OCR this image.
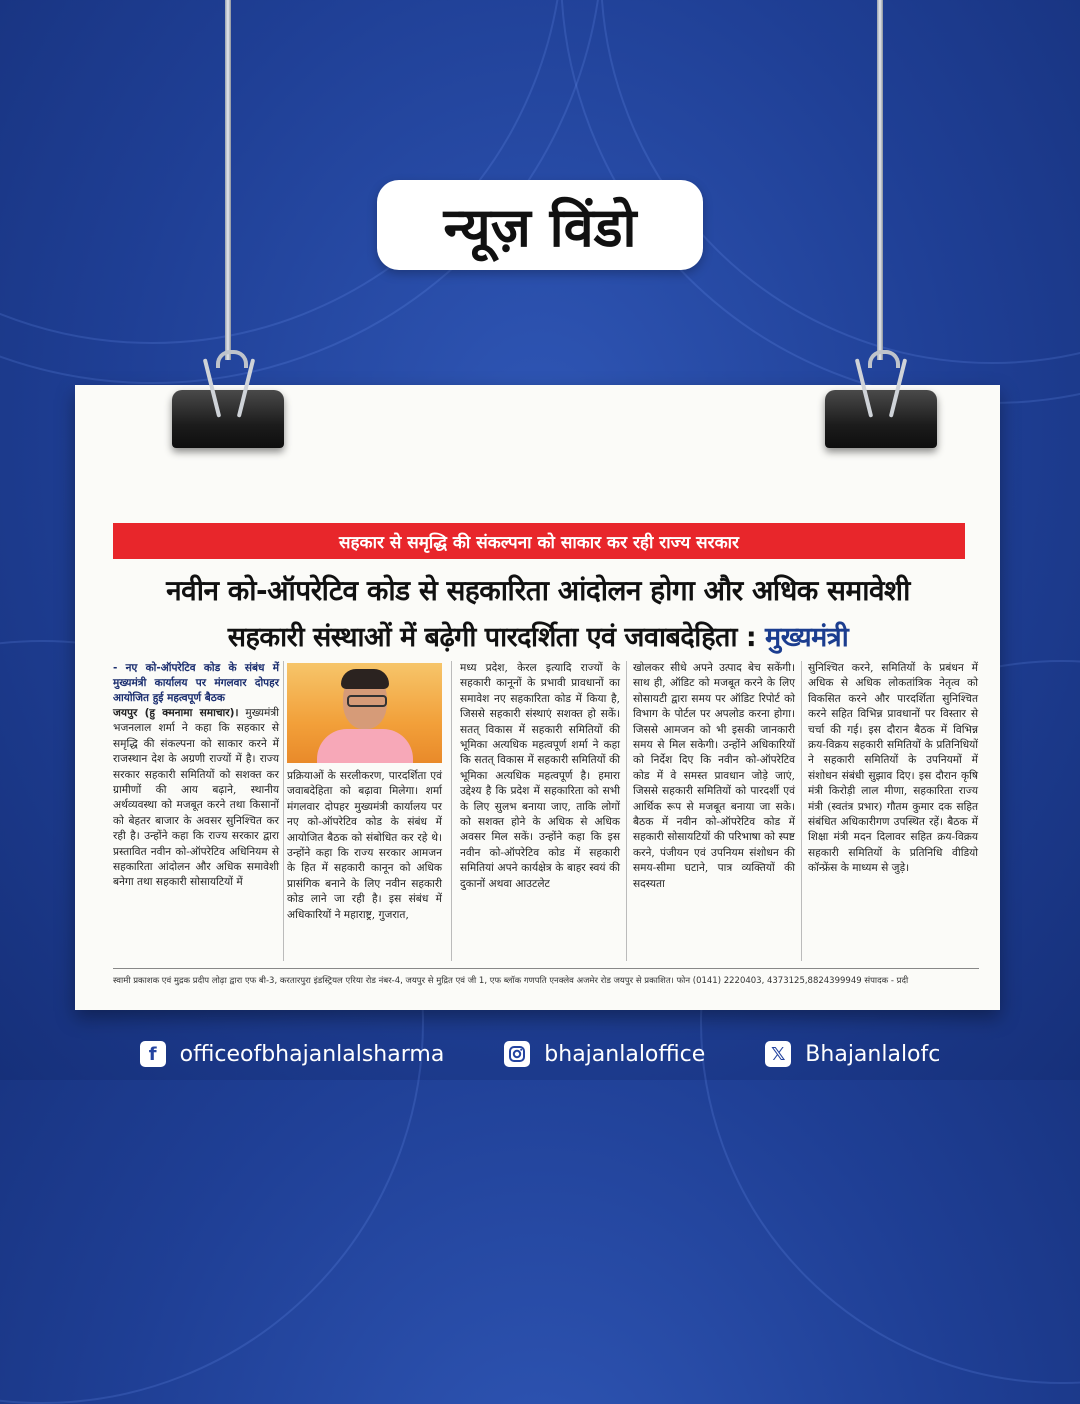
न्यूज़ विंडो
सहकार से समृद्धि की संकल्पना को साकार कर रही राज्य सरकार
नवीन को-ऑपरेटिव कोड से सहकारिता आंदोलन होगा और अधिक समावेशी
सहकारी संस्थाओं में बढ़ेगी पारदर्शिता एवं जवाबदेहिता : मुख्यमंत्री

- नए को-ऑपरेटिव कोड के संबंध में मुख्यमंत्री कार्यालय पर मंगलवार दोपहर आयोजित हुई महत्वपूर्ण बैठक

जयपुर (हु क्मनामा समाचार)। मुख्यमंत्री भजनलाल शर्मा ने कहा कि सहकार से समृद्धि की संकल्पना को साकार करने में राजस्थान देश के अग्रणी राज्यों में है। राज्य सरकार सहकारी समितियों को सशक्त कर ग्रामीणों की आय बढ़ाने, स्थानीय अर्थव्यवस्था को मजबूत करने तथा किसानों को बेहतर बाजार के अवसर सुनिश्चित कर रही है। उन्होंने कहा कि राज्य सरकार द्वारा प्रस्तावित नवीन को-ऑपरेटिव अधिनियम से सहकारिता आंदोलन और अधिक समावेशी बनेगा तथा सहकारी सोसायटियों में

प्रक्रियाओं के सरलीकरण, पारदर्शिता एवं जवाबदेहिता को बढ़ावा मिलेगा। शर्मा मंगलवार दोपहर मुख्यमंत्री कार्यालय पर नए को-ऑपरेटिव कोड के संबंध में आयोजित बैठक को संबोधित कर रहे थे। उन्होंने कहा कि राज्य सरकार आमजन के हित में सहकारी कानून को अधिक प्रासंगिक बनाने के लिए नवीन सहकारी कोड लाने जा रही है। इस संबंध में अधिकारियों ने महाराष्ट्र, गुजरात,

मध्य प्रदेश, केरल इत्यादि राज्यों के सहकारी कानूनों के प्रभावी प्रावधानों का समावेश नए सहकारिता कोड में किया है, जिससे सहकारी संस्थाएं सशक्त हो सकें। सतत् विकास में सहकारी समितियों की भूमिका अत्यधिक महत्वपूर्ण शर्मा ने कहा कि सतत् विकास में सहकारी समितियों की भूमिका अत्यधिक महत्वपूर्ण है। हमारा उद्देश्य है कि प्रदेश में सहकारिता को सभी के लिए सुलभ बनाया जाए, ताकि लोगों को सशक्त होने के अधिक से अधिक अवसर मिल सकें। उन्होंने कहा कि इस नवीन को-ऑपरेटिव कोड में सहकारी समितियां अपने कार्यक्षेत्र के बाहर स्वयं की दुकानों अथवा आउटलेट

खोलकर सीधे अपने उत्पाद बेच सकेंगी। साथ ही, ऑडिट को मजबूत करने के लिए सोसायटी द्वारा समय पर ऑडिट रिपोर्ट को विभाग के पोर्टल पर अपलोड करना होगा। जिससे आमजन को भी इसकी जानकारी समय से मिल सकेगी। उन्होंने अधिकारियों को निर्देश दिए कि नवीन को-ऑपरेटिव कोड में वे समस्त प्रावधान जोड़े जाएं, जिससे सहकारी समितियों को पारदर्शी एवं आर्थिक रूप से मजबूत बनाया जा सके। बैठक में नवीन को-ऑपरेटिव कोड में सहकारी सोसायटियों की परिभाषा को स्पष्ट करने, पंजीयन एवं उपनियम संशोधन की समय-सीमा घटाने, पात्र व्यक्तियों की सदस्यता

सुनिश्चित करने, समितियों के प्रबंधन में अधिक से अधिक लोकतांत्रिक नेतृत्व को विकसित करने और पारदर्शिता सुनिश्चित करने सहित विभिन्न प्रावधानों पर विस्तार से चर्चा की गई। इस दौरान बैठक में विभिन्न क्रय-विक्रय सहकारी समितियों के प्रतिनिधियों ने सहकारी समितियों के उपनियमों में संशोधन संबंधी सुझाव दिए। इस दौरान कृषि मंत्री किरोड़ी लाल मीणा, सहकारिता राज्य मंत्री (स्वतंत्र प्रभार) गौतम कुमार दक सहित संबंधित अधिकारीगण उपस्थित रहें। बैठक में शिक्षा मंत्री मदन दिलावर सहित क्रय-विक्रय सहकारी समितियों के प्रतिनिधि वीडियो कॉन्फ्रेंस के माध्यम से जुड़े।

स्वामी प्रकाशक एवं मुद्रक प्रदीप लोढ़ा द्वारा एफ बी-3, करतारपुरा इंडस्ट्रियल एरिया रोड नंबर-4, जयपुर से मुद्रित एवं जी 1, एफ ब्लॉक गणपति एनक्लेव अजमेर रोड जयपुर से प्रकाशित। फोन (0141) 2220403, 4373125,8824399949 संपादक - प्रदी
f	officeofbhajanlalsharma	bhajanlaloffice	𝕏 Bhajanlalofc
